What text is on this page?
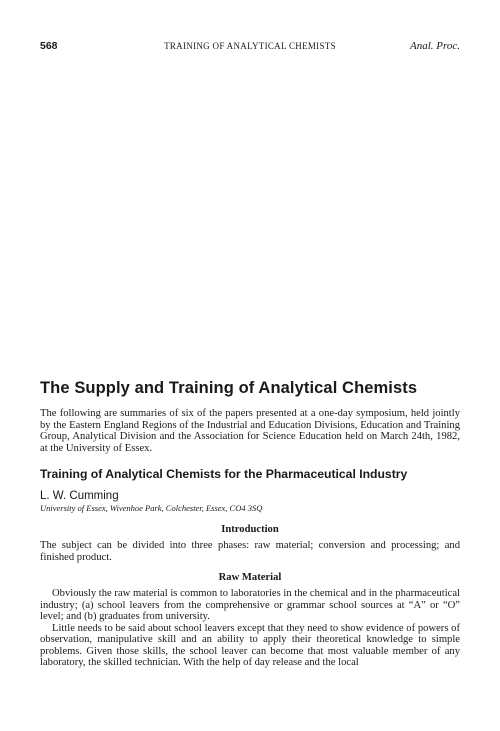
568	TRAINING OF ANALYTICAL CHEMISTS	Anal. Proc.
The Supply and Training of Analytical Chemists

The following are summaries of six of the papers presented at a one-day symposium, held jointly by the Eastern England Regions of the Industrial and Education Divisions, Education and Training Group, Analytical Division and the Association for Science Education held on March 24th, 1982, at the University of Essex.

Training of Analytical Chemists for the Pharmaceutical Industry

L. W. Cumming

University of Essex, Wivenhoe Park, Colchester, Essex, CO4 3SQ

Introduction

The subject can be divided into three phases: raw material; conversion and processing; and finished product.

Raw Material

Obviously the raw material is common to laboratories in the chemical and in the pharmaceutical industry; (a) school leavers from the comprehensive or grammar school sources at “A” or “O” level; and (b) graduates from university.

Little needs to be said about school leavers except that they need to show evidence of powers of observation, manipulative skill and an ability to apply their theoretical knowledge to simple problems. Given those skills, the school leaver can become that most valuable member of any laboratory, the skilled technician. With the help of day release and the local
